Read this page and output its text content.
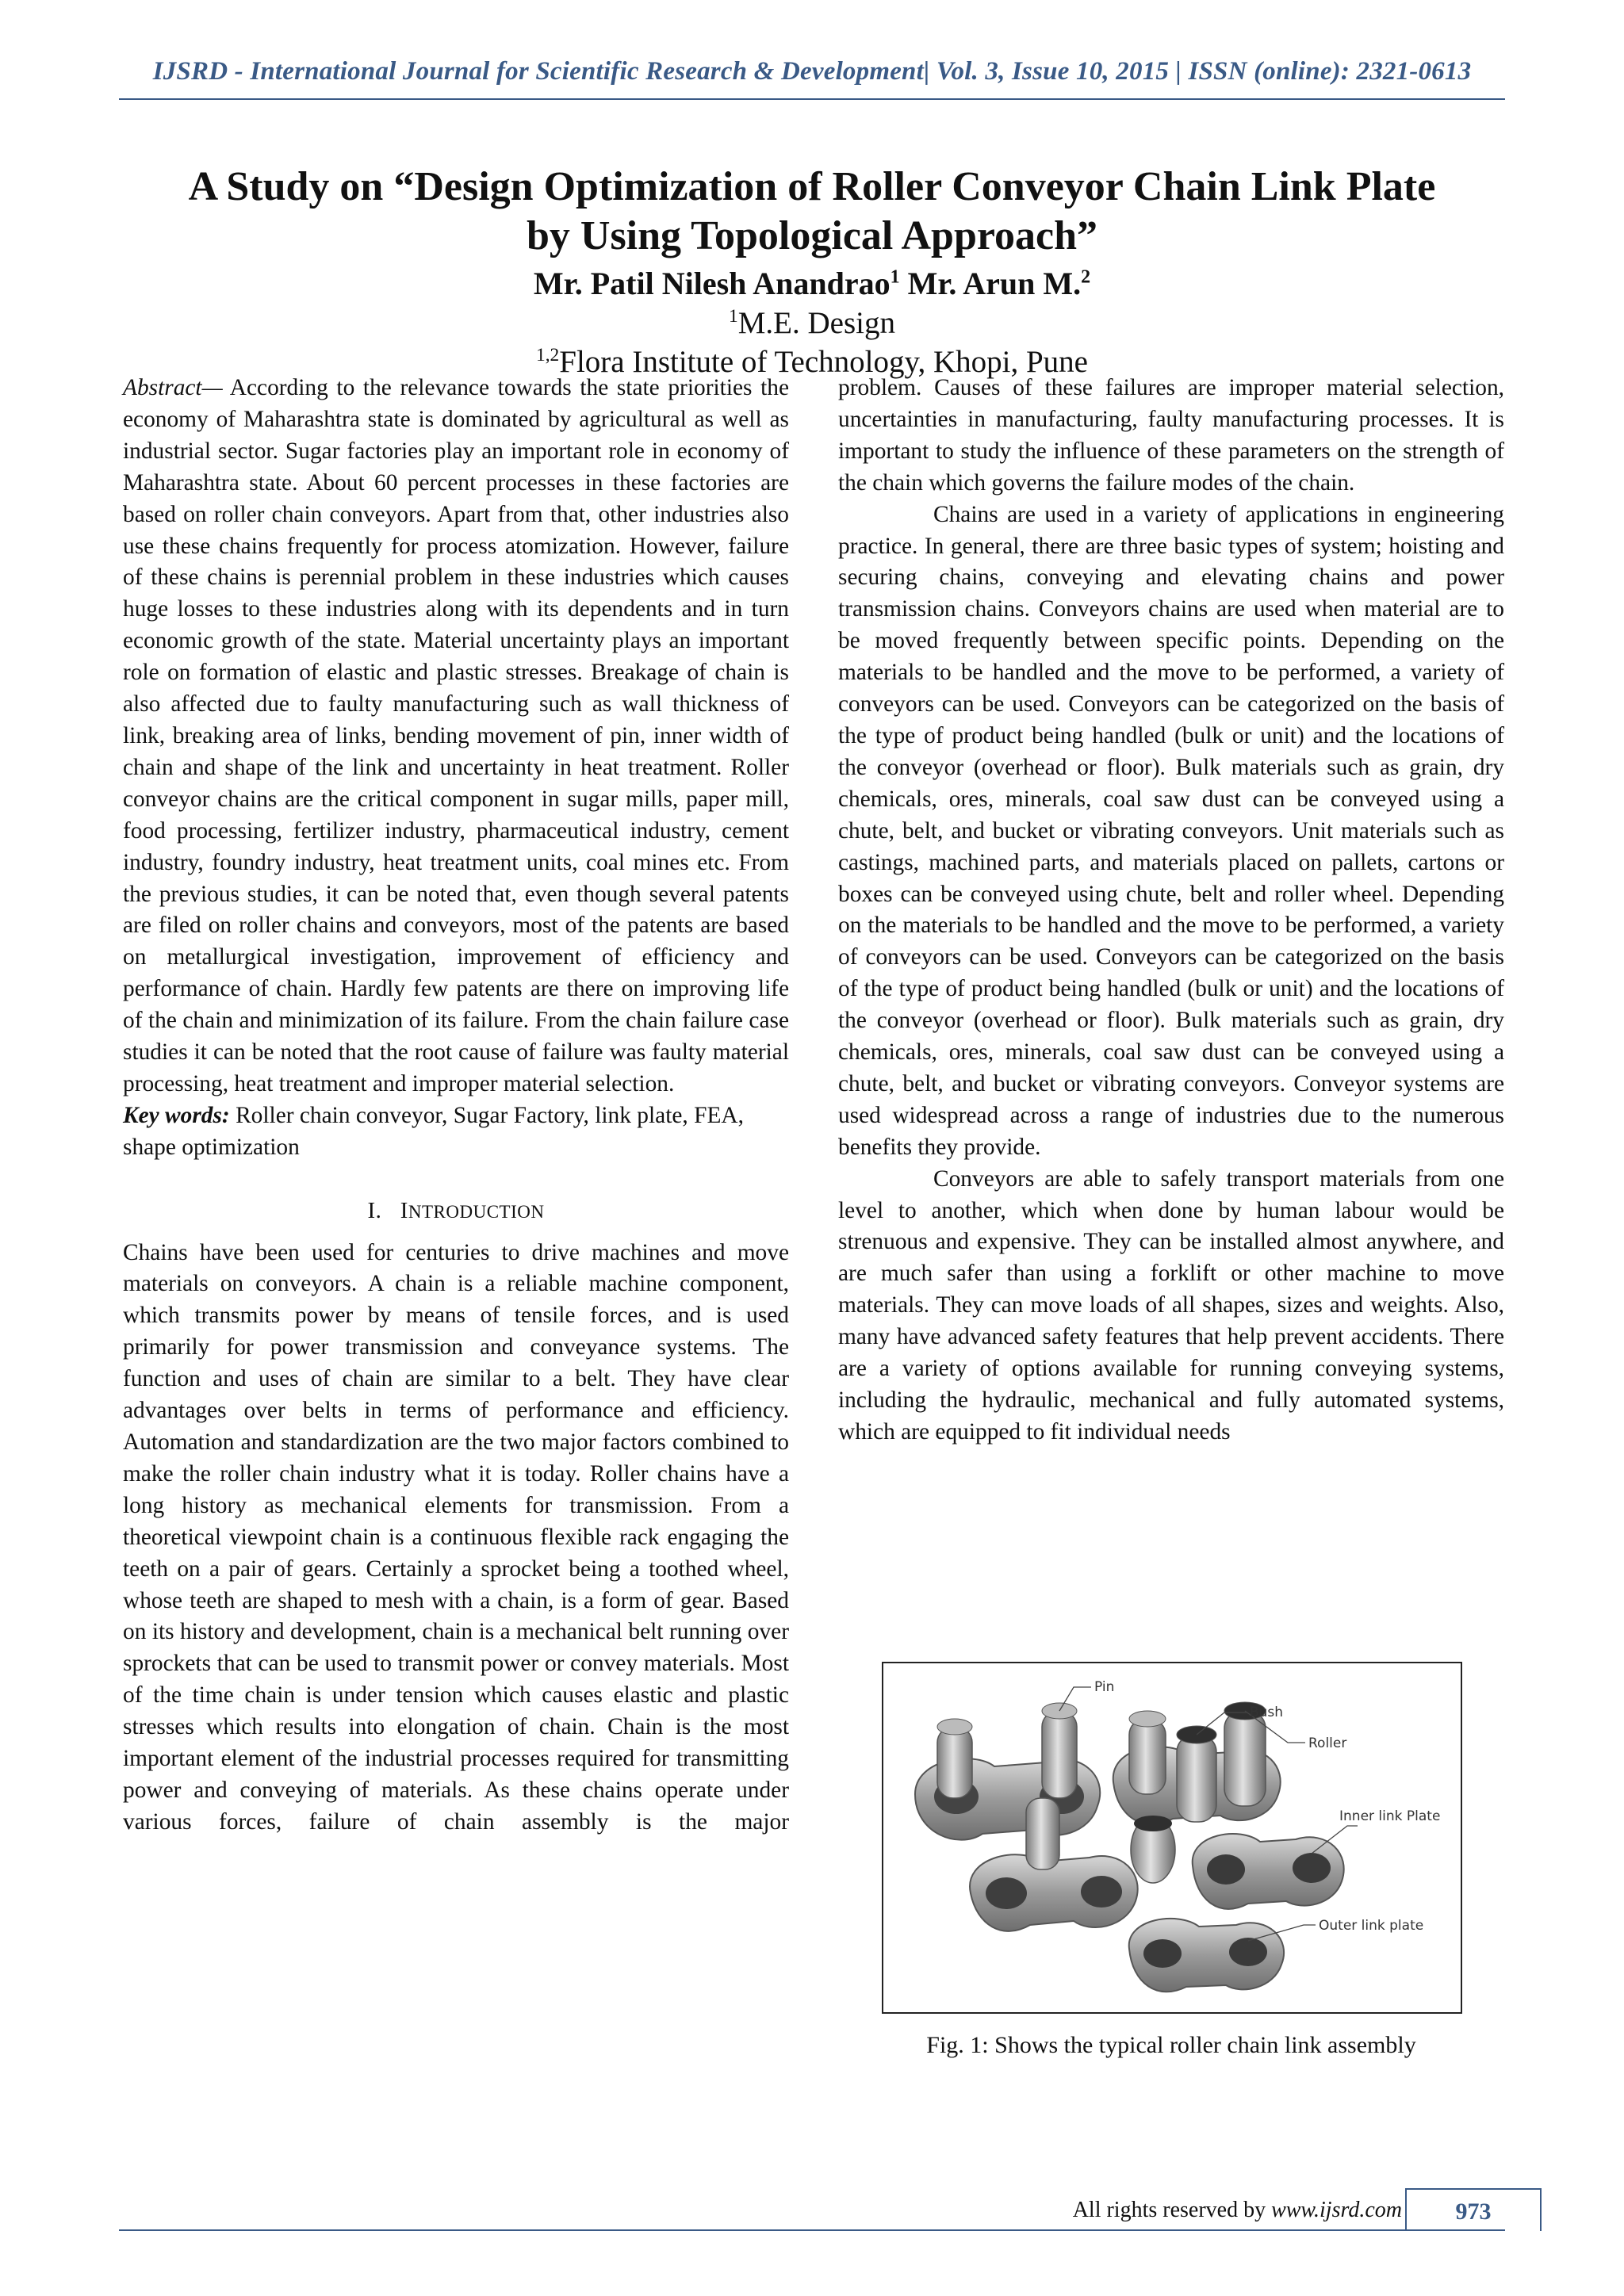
IJSRD - International Journal for Scientific Research & Development| Vol. 3, Issue 10, 2015 | ISSN (online): 2321-0613
A Study on “Design Optimization of Roller Conveyor Chain Link Plate
by Using Topological Approach”
Mr. Patil Nilesh Anandrao$^1$ Mr. Arun M.$^2$
$^1$M.E. Design
$^{1,2}$Flora Institute of Technology, Khopi, Pune

Abstract— According to the relevance towards the state priorities the economy of Maharashtra state is dominated by agricultural as well as industrial sector. Sugar factories play an important role in economy of Maharashtra state. About 60 percent processes in these factories are based on roller chain conveyors. Apart from that, other industries also use these chains frequently for process atomization. However, failure of these chains is perennial problem in these industries which causes huge losses to these industries along with its dependents and in turn economic growth of the state. Material uncertainty plays an important role on formation of elastic and plastic stresses. Breakage of chain is also affected due to faulty manufacturing such as wall thickness of link, breaking area of links, bending movement of pin, inner width of chain and shape of the link and uncertainty in heat treatment. Roller conveyor chains are the critical component in sugar mills, paper mill, food processing, fertilizer industry, pharmaceutical industry, cement industry, foundry industry, heat treatment units, coal mines etc. From the previous studies, it can be noted that, even though several patents are filed on roller chains and conveyors, most of the patents are based on metallurgical investigation, improvement of efficiency and performance of chain. Hardly few patents are there on improving life of the chain and minimization of its failure. From the chain failure case studies it can be noted that the root cause of failure was faulty material processing, heat treatment and improper material selection.

Key words: Roller chain conveyor, Sugar Factory, link plate, FEA, shape optimization

I. INTRODUCTION

Chains have been used for centuries to drive machines and move materials on conveyors. A chain is a reliable machine component, which transmits power by means of tensile forces, and is used primarily for power transmission and conveyance systems. The function and uses of chain are similar to a belt. They have clear advantages over belts in terms of performance and efficiency. Automation and standardization are the two major factors combined to make the roller chain industry what it is today. Roller chains have a long history as mechanical elements for transmission. From a theoretical viewpoint chain is a continuous flexible rack engaging the teeth on a pair of gears. Certainly a sprocket being a toothed wheel, whose teeth are shaped to mesh with a chain, is a form of gear. Based on its history and development, chain is a mechanical belt running over sprockets that can be used to transmit power or convey materials. Most of the time chain is under tension which causes elastic and plastic stresses which results into elongation of chain. Chain is the most important element of the industrial processes required for transmitting power and conveying of materials. As these chains operate under various forces, failure of chain assembly is the major

problem. Causes of these failures are improper material selection, uncertainties in manufacturing, faulty manufacturing processes. It is important to study the influence of these parameters on the strength of the chain which governs the failure modes of the chain.

Chains are used in a variety of applications in engineering practice. In general, there are three basic types of system; hoisting and securing chains, conveying and elevating chains and power transmission chains. Conveyors chains are used when material are to be moved frequently between specific points. Depending on the materials to be handled and the move to be performed, a variety of conveyors can be used. Conveyors can be categorized on the basis of the type of product being handled (bulk or unit) and the locations of the conveyor (overhead or floor). Bulk materials such as grain, dry chemicals, ores, minerals, coal saw dust can be conveyed using a chute, belt, and bucket or vibrating conveyors. Unit materials such as castings, machined parts, and materials placed on pallets, cartons or boxes can be conveyed using chute, belt and roller wheel. Depending on the materials to be handled and the move to be performed, a variety of conveyors can be used. Conveyors can be categorized on the basis of the type of product being handled (bulk or unit) and the locations of the conveyor (overhead or floor). Bulk materials such as grain, dry chemicals, ores, minerals, coal saw dust can be conveyed using a chute, belt, and bucket or vibrating conveyors. Conveyor systems are used widespread across a range of industries due to the numerous benefits they provide.

Conveyors are able to safely transport materials from one level to another, which when done by human labour would be strenuous and expensive. They can be installed almost anywhere, and are much safer than using a forklift or other machine to move materials. They can move loads of all shapes, sizes and weights. Also, many have advanced safety features that help prevent accidents. There are a variety of options available for running conveying systems, including the hydraulic, mechanical and fully automated systems, which are equipped to fit individual needs

Pin
Bush
Roller
Inner link Plate
Outer link plate
Fig. 1: Shows the typical roller chain link assembly
All rights reserved by www.ijsrd.com	973
